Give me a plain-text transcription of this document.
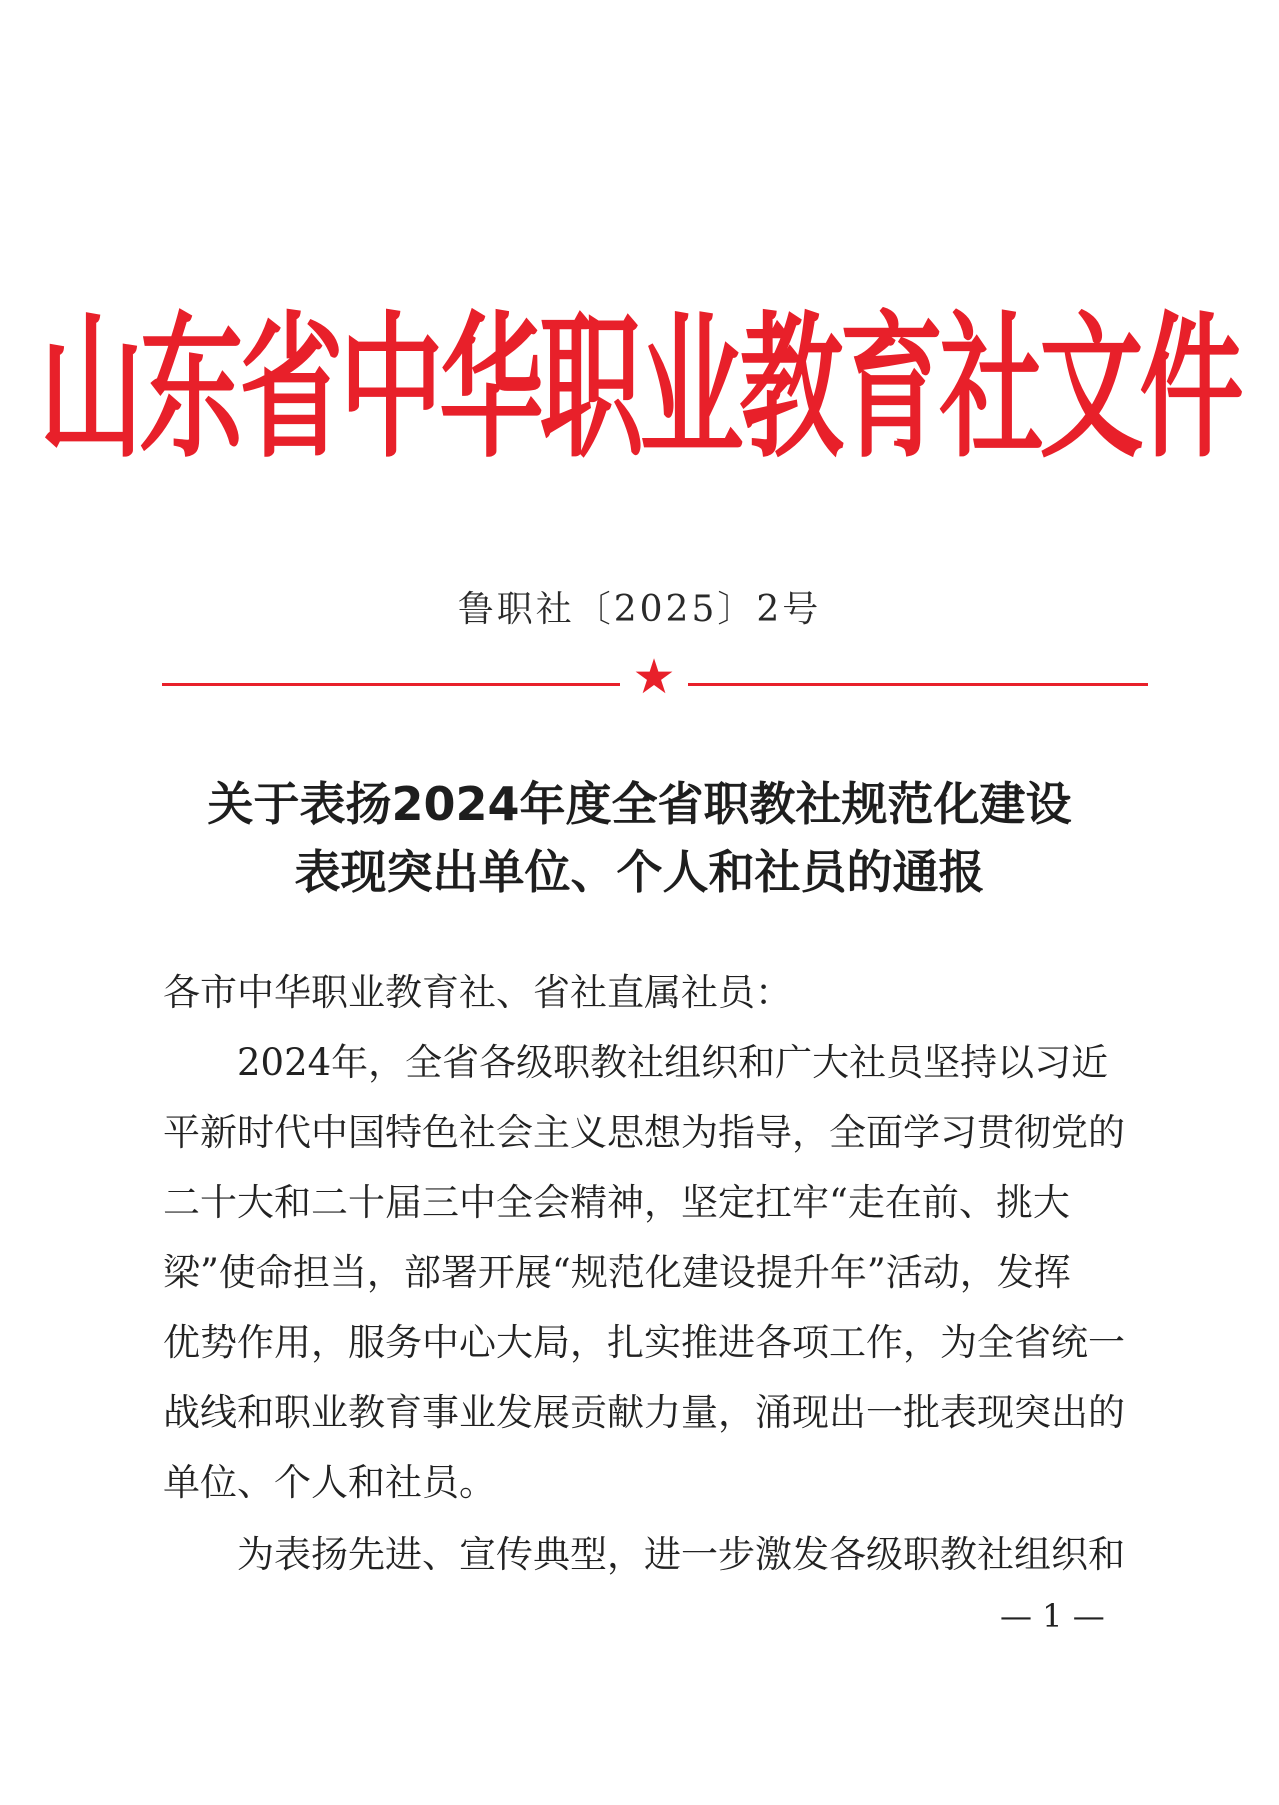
山东省中华职业教育社文件
鲁职社〔2025〕2号
★
关于表扬2024年度全省职教社规范化建设
表现突出单位、个人和社员的通报
各市中华职业教育社、省社直属社员：
　　2024年，全省各级职教社组织和广大社员坚持以习近
平新时代中国特色社会主义思想为指导，全面学习贯彻党的
二十大和二十届三中全会精神，坚定扛牢“走在前、挑大
梁”使命担当，部署开展“规范化建设提升年”活动，发挥
优势作用，服务中心大局，扎实推进各项工作，为全省统一
战线和职业教育事业发展贡献力量，涌现出一批表现突出的
单位、个人和社员。
　　为表扬先进、宣传典型，进一步激发各级职教社组织和
— 1 —
